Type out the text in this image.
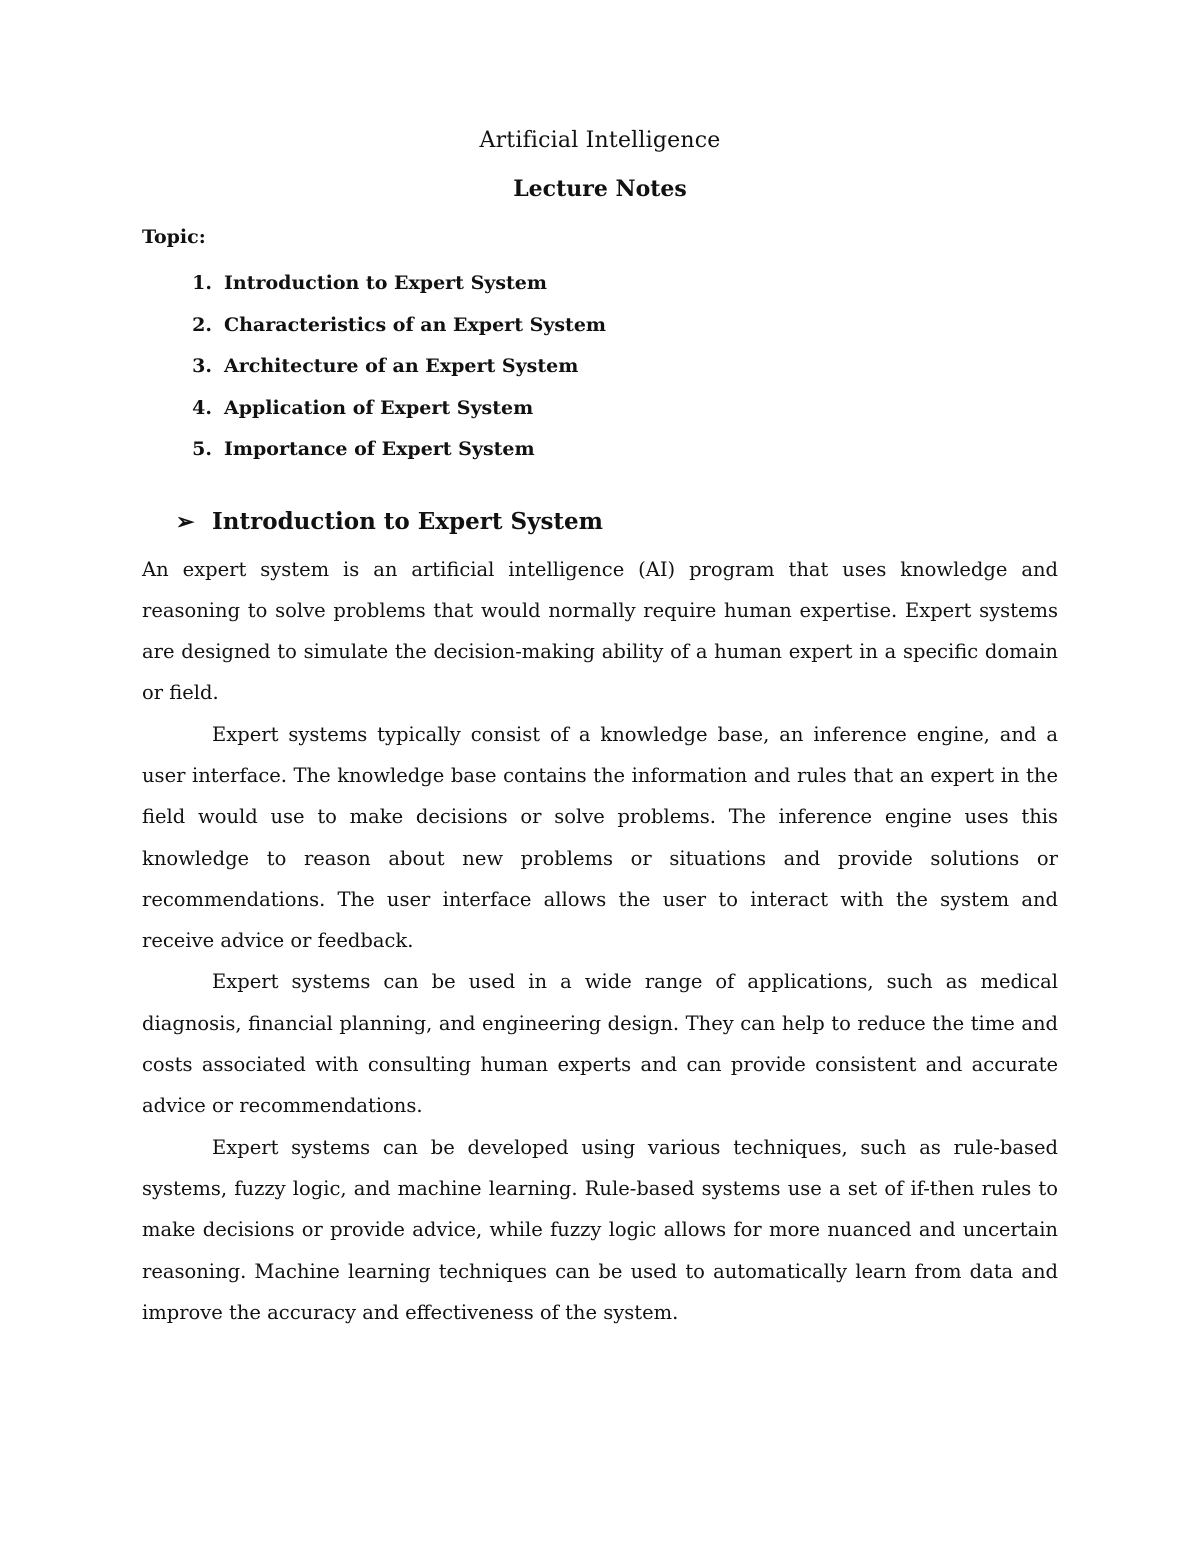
Artificial Intelligence
Lecture Notes

Topic:

1. Introduction to Expert System
2. Characteristics of an Expert System
3. Architecture of an Expert System
4. Application of Expert System
5. Importance of Expert System
➢ Introduction to Expert System

An expert system is an artificial intelligence (AI) program that uses knowledge and reasoning to solve problems that would normally require human expertise. Expert systems are designed to simulate the decision-making ability of a human expert in a specific domain or field.

Expert systems typically consist of a knowledge base, an inference engine, and a user interface. The knowledge base contains the information and rules that an expert in the field would use to make decisions or solve problems. The inference engine uses this knowledge to reason about new problems or situations and provide solutions or recommendations. The user interface allows the user to interact with the system and receive advice or feedback.

Expert systems can be used in a wide range of applications, such as medical diagnosis, financial planning, and engineering design. They can help to reduce the time and costs associated with consulting human experts and can provide consistent and accurate advice or recommendations.

Expert systems can be developed using various techniques, such as rule-based systems, fuzzy logic, and machine learning. Rule-based systems use a set of if-then rules to make decisions or provide advice, while fuzzy logic allows for more nuanced and uncertain reasoning. Machine learning techniques can be used to automatically learn from data and improve the accuracy and effectiveness of the system.
